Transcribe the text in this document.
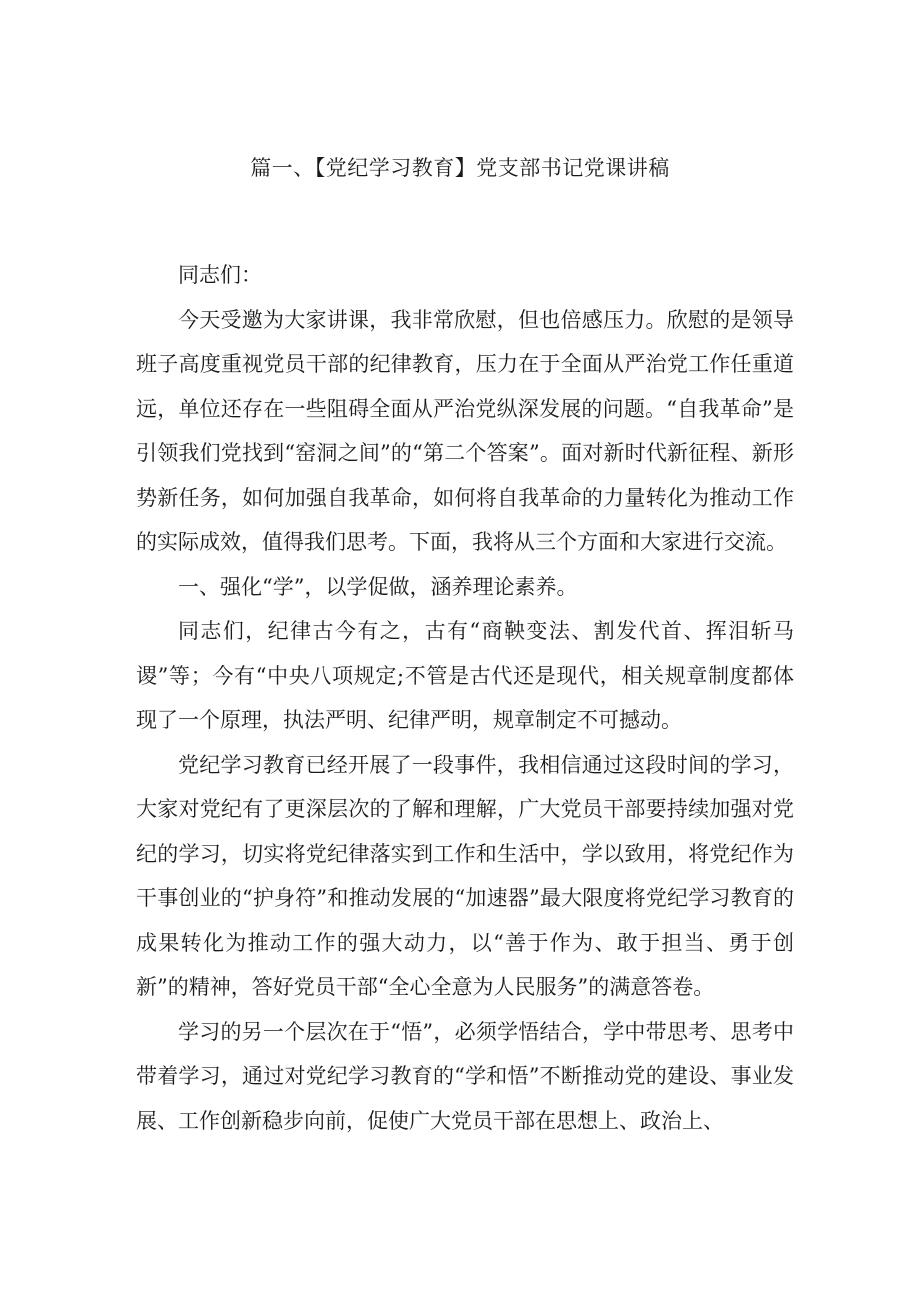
篇一、【党纪学习教育】党支部书记党课讲稿

同志们：

今天受邀为大家讲课，我非常欣慰，但也倍感压力。欣慰的是领导班子高度重视党员干部的纪律教育，压力在于全面从严治党工作任重道远，单位还存在一些阻碍全面从严治党纵深发展的问题。“自我革命”是引领我们党找到“窑洞之间”的“第二个答案”。面对新时代新征程、新形势新任务，如何加强自我革命，如何将自我革命的力量转化为推动工作的实际成效，值得我们思考。下面，我将从三个方面和大家进行交流。

一、强化“学”，以学促做，涵养理论素养。

同志们，纪律古今有之，古有“商鞅变法、割发代首、挥泪斩马谡”等；今有“中央八项规定;不管是古代还是现代，相关规章制度都体现了一个原理，执法严明、纪律严明，规章制定不可撼动。

党纪学习教育已经开展了一段事件，我相信通过这段时间的学习，大家对党纪有了更深层次的了解和理解，广大党员干部要持续加强对党纪的学习，切实将党纪律落实到工作和生活中，学以致用，将党纪作为干事创业的“护身符”和推动发展的“加速器”最大限度将党纪学习教育的成果转化为推动工作的强大动力，以“善于作为、敢于担当、勇于创新”的精神，答好党员干部“全心全意为人民服务”的满意答卷。

学习的另一个层次在于“悟”，必须学悟结合，学中带思考、思考中带着学习，通过对党纪学习教育的“学和悟”不断推动党的建设、事业发展、工作创新稳步向前，促使广大党员干部在思想上、政治上、
